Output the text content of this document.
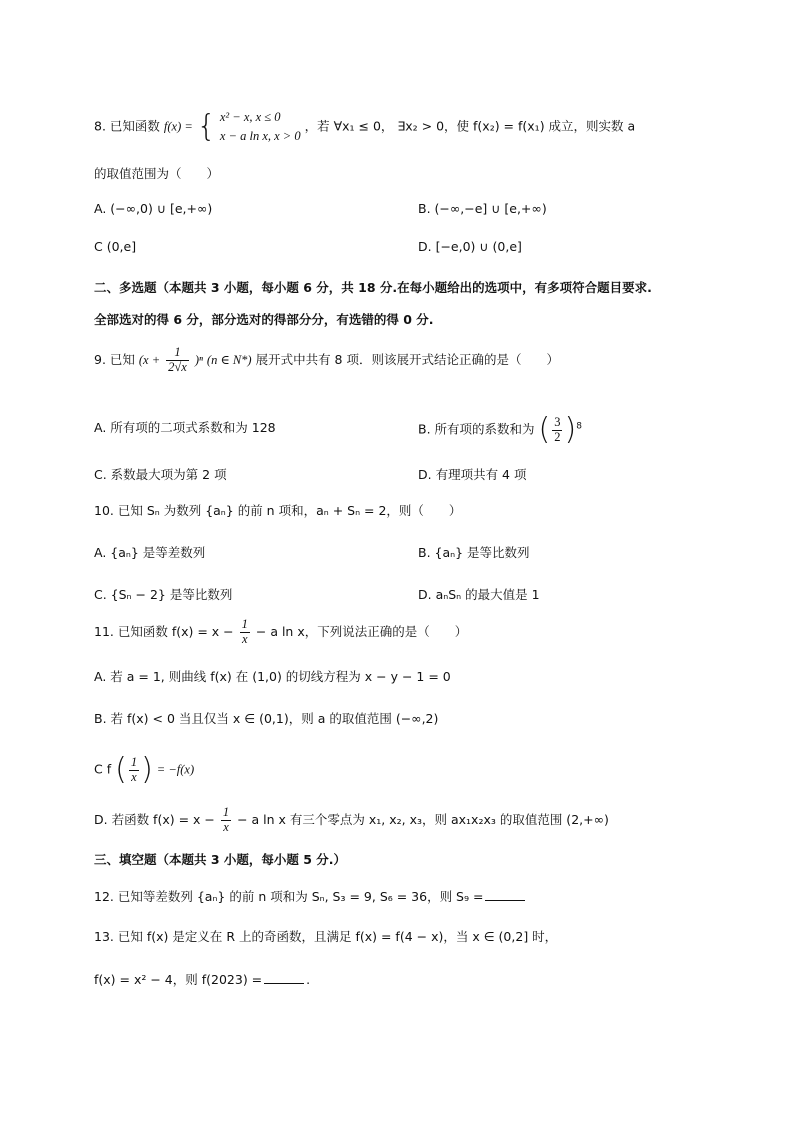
8. 已知函数 f(x) = { x² − x, x ≤ 0
x − a ln x, x > 0 ，若 ∀x₁ ≤ 0， ∃x₂ > 0，使 f(x₂) = f(x₁) 成立，则实数 a
的取值范围为（　　）
A. (−∞,0) ∪ [e,+∞)	B. (−∞,−e] ∪ [e,+∞)
C (0,e]	D. [−e,0) ∪ (0,e]
二、多选题（本题共 3 小题，每小题 6 分，共 18 分.在每小题给出的选项中，有多项符合题目要求.
全部选对的得 6 分，部分选对的得部分分，有选错的得 0 分.
9. 已知 $(x + \frac{1}{2√x} )^n$ (n ∈ N*) 展开式中共有 8 项．则该展开式结论正确的是（　　）
A. 所有项的二项式系数和为 128	B. 所有项的系数和为 ( $\frac{3}{2} )^8$
C. 系数最大项为第 2 项	D. 有理项共有 4 项
10. 已知 Sₙ 为数列 {aₙ} 的前 n 项和，aₙ + Sₙ = 2，则（　　）
A. {aₙ} 是等差数列	B. {aₙ} 是等比数列
C. {Sₙ − 2} 是等比数列	D. aₙSₙ 的最大值是 1
11. 已知函数 $f(x) = x - \frac{1}{x} - a$ ln x，下列说法正确的是（　　）
A. 若 a = 1, 则曲线 f(x) 在 (1,0) 的切线方程为 x − y − 1 = 0
B. 若 f(x) < 0 当且仅当 x ∈ (0,1)，则 a 的取值范围 (−∞,2)
C f ( $\frac{1}{x}$ ) = −f(x)
D. 若函数 $f(x) = x - \frac{1}{x} - a$ ln x 有三个零点为 x₁, x₂, x₃，则 ax₁x₂x₃ 的取值范围 (2,+∞)
三、填空题（本题共 3 小题，每小题 5 分.）
12. 已知等差数列 {aₙ} 的前 n 项和为 Sₙ, S₃ = 9, S₆ = 36，则 S₉ =
13. 已知 f(x) 是定义在 R 上的奇函数，且满足 f(x) = f(4 − x)，当 x ∈ (0,2] 时，
f(x) = x² − 4，则 f(2023) =	.
